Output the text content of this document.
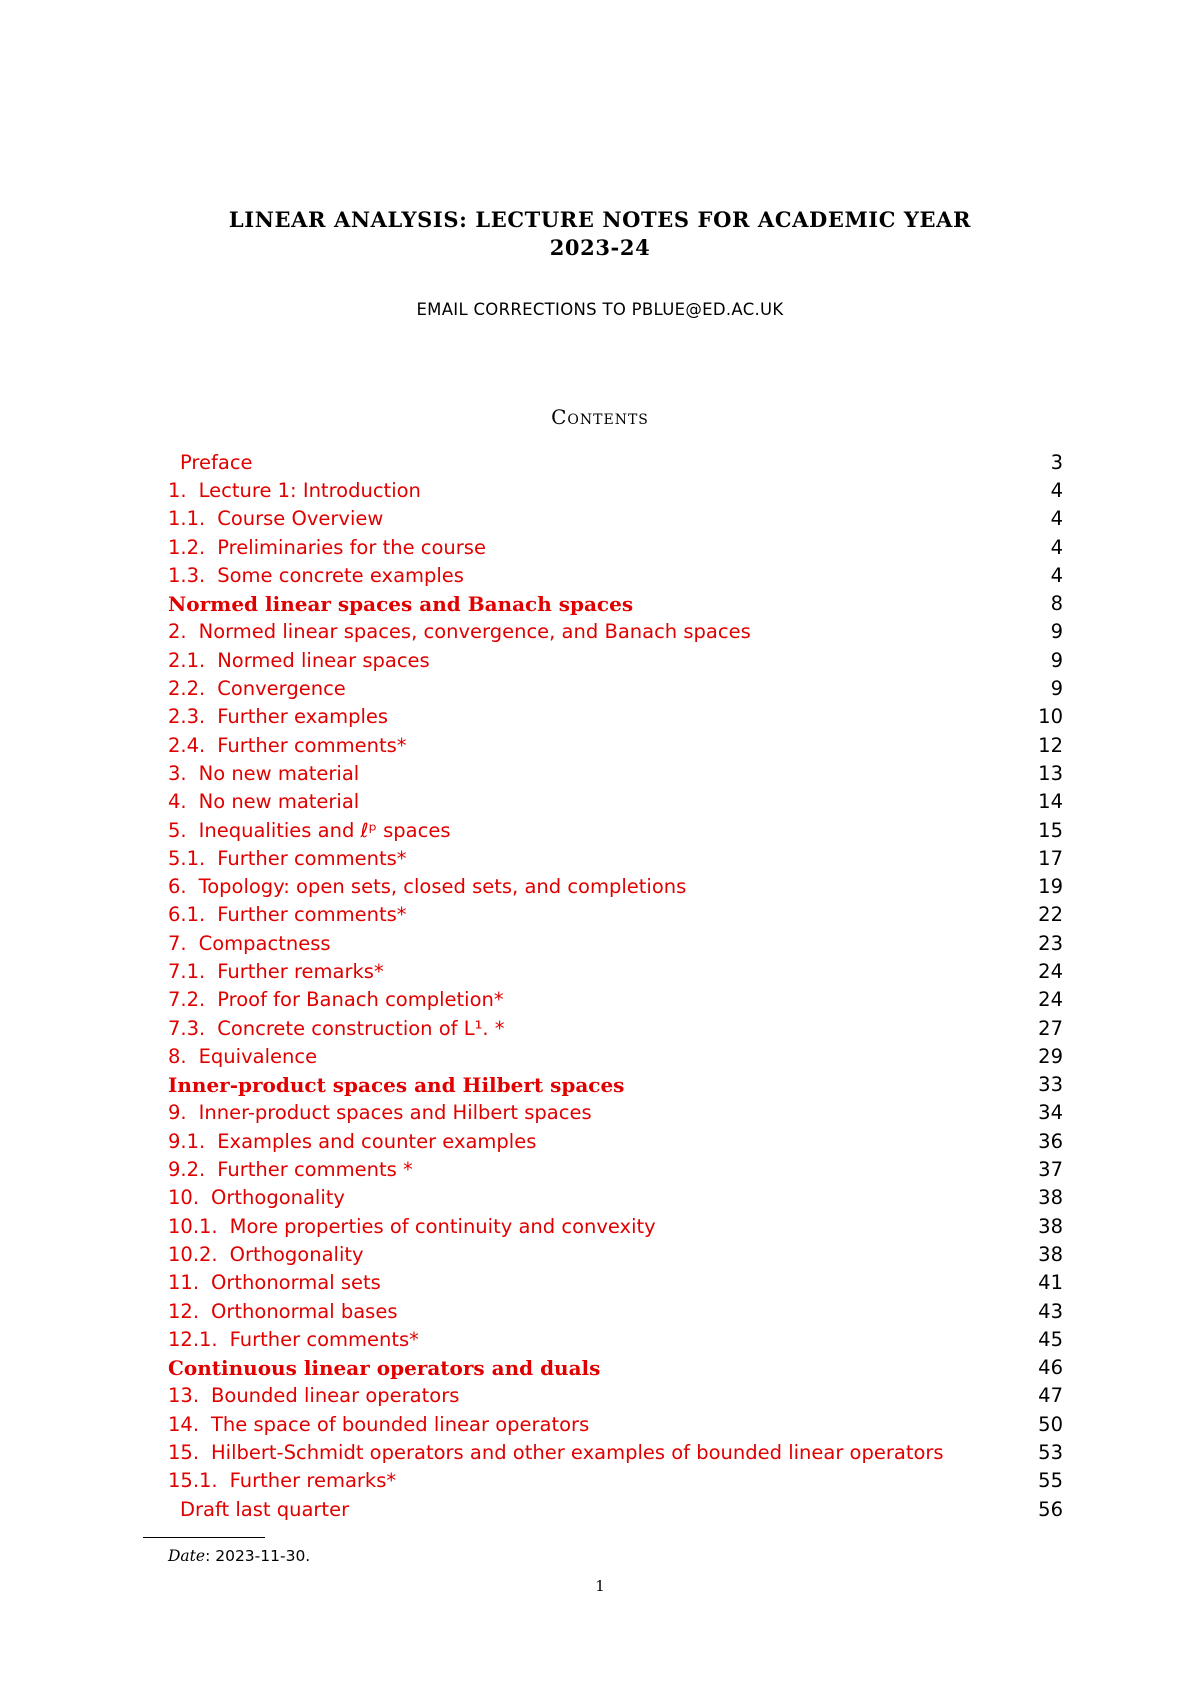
LINEAR ANALYSIS: LECTURE NOTES FOR ACADEMIC YEAR
2023-24
EMAIL CORRECTIONS TO PBLUE@ED.AC.UK
Contents
Preface	3
1. Lecture 1: Introduction	4
1.1. Course Overview	4
1.2. Preliminaries for the course	4
1.3. Some concrete examples	4
Normed linear spaces and Banach spaces	8
2. Normed linear spaces, convergence, and Banach spaces	9
2.1. Normed linear spaces	9
2.2. Convergence	9
2.3. Further examples	10
2.4. Further comments*	12
3. No new material	13
4. No new material	14
5. Inequalities and ℓᵖ spaces	15
5.1. Further comments*	17
6. Topology: open sets, closed sets, and completions	19
6.1. Further comments*	22
7. Compactness	23
7.1. Further remarks*	24
7.2. Proof for Banach completion*	24
7.3. Concrete construction of L¹. *	27
8. Equivalence	29
Inner-product spaces and Hilbert spaces	33
9. Inner-product spaces and Hilbert spaces	34
9.1. Examples and counter examples	36
9.2. Further comments *	37
10. Orthogonality	38
10.1. More properties of continuity and convexity	38
10.2. Orthogonality	38
11. Orthonormal sets	41
12. Orthonormal bases	43
12.1. Further comments*	45
Continuous linear operators and duals	46
13. Bounded linear operators	47
14. The space of bounded linear operators	50
15. Hilbert-Schmidt operators and other examples of bounded linear operators	53
15.1. Further remarks*	55
Draft last quarter	56
Date: 2023-11-30.
1
